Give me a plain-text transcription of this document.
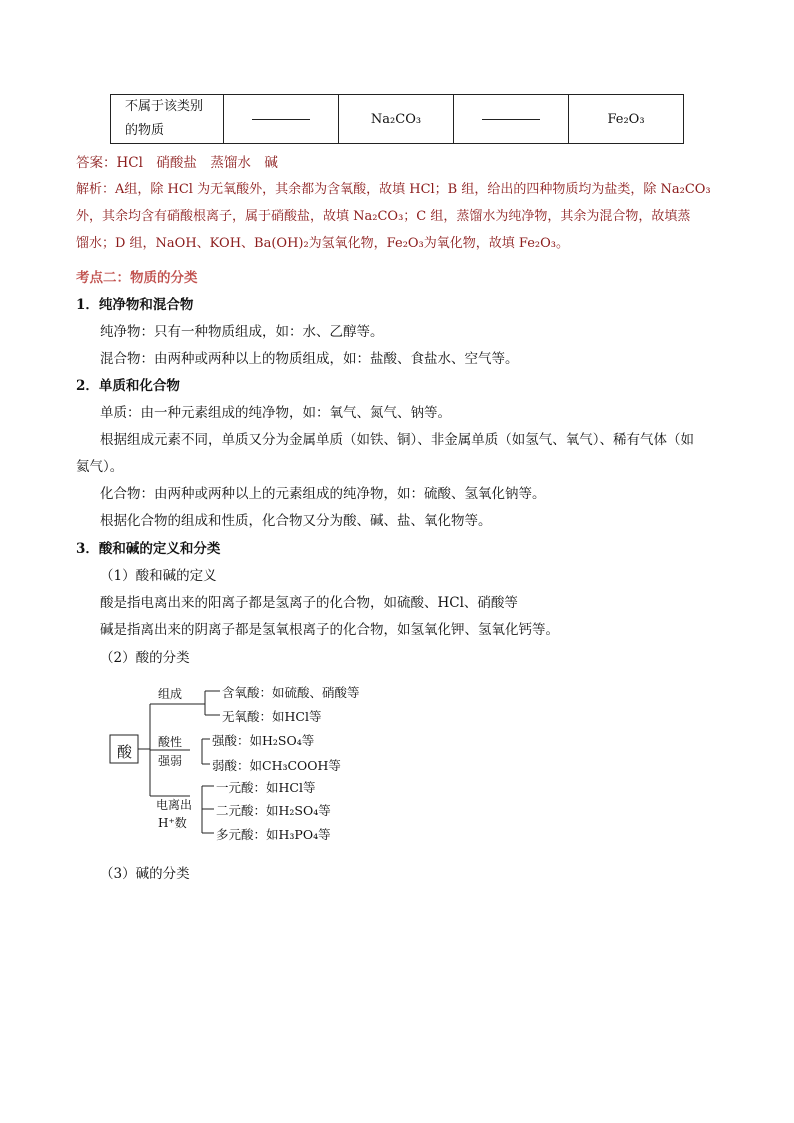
不属于该类别的物质		Na₂CO₃		Fe₂O₃
答案：HCl　硝酸盐　蒸馏水　碱
解析：A组，除 HCl 为无氧酸外，其余都为含氧酸，故填 HCl；B 组，给出的四种物质均为盐类，除 Na₂CO₃
外，其余均含有硝酸根离子，属于硝酸盐，故填 Na₂CO₃；C 组，蒸馏水为纯净物，其余为混合物，故填蒸
馏水；D 组，NaOH、KOH、Ba(OH)₂为氢氧化物，Fe₂O₃为氧化物，故填 Fe₂O₃。
考点二：物质的分类
1．纯净物和混合物
纯净物：只有一种物质组成，如：水、乙醇等。
混合物：由两种或两种以上的物质组成，如：盐酸、食盐水、空气等。
2．单质和化合物
单质：由一种元素组成的纯净物，如：氧气、氮气、钠等。
根据组成元素不同，单质又分为金属单质（如铁、铜）、非金属单质（如氢气、氧气）、稀有气体（如
氦气）。
化合物：由两种或两种以上的元素组成的纯净物，如：硫酸、氢氧化钠等。
根据化合物的组成和性质，化合物又分为酸、碱、盐、氧化物等。
3．酸和碱的定义和分类
（1）酸和碱的定义
酸是指电离出来的阳离子都是氢离子的化合物，如硫酸、HCl、硝酸等
碱是指离出来的阴离子都是氢氧根离子的化合物，如氢氧化钾、氢氧化钙等。
（2）酸的分类
酸
组成	含氧酸：如硫酸、硝酸等
无氧酸：如HCl等
酸性
强弱
强酸：如H₂SO₄等
弱酸：如CH₃COOH等
电离出
H⁺数
一元酸：如HCl等
二元酸：如H₂SO₄等
多元酸：如H₃PO₄等
（3）碱的分类
